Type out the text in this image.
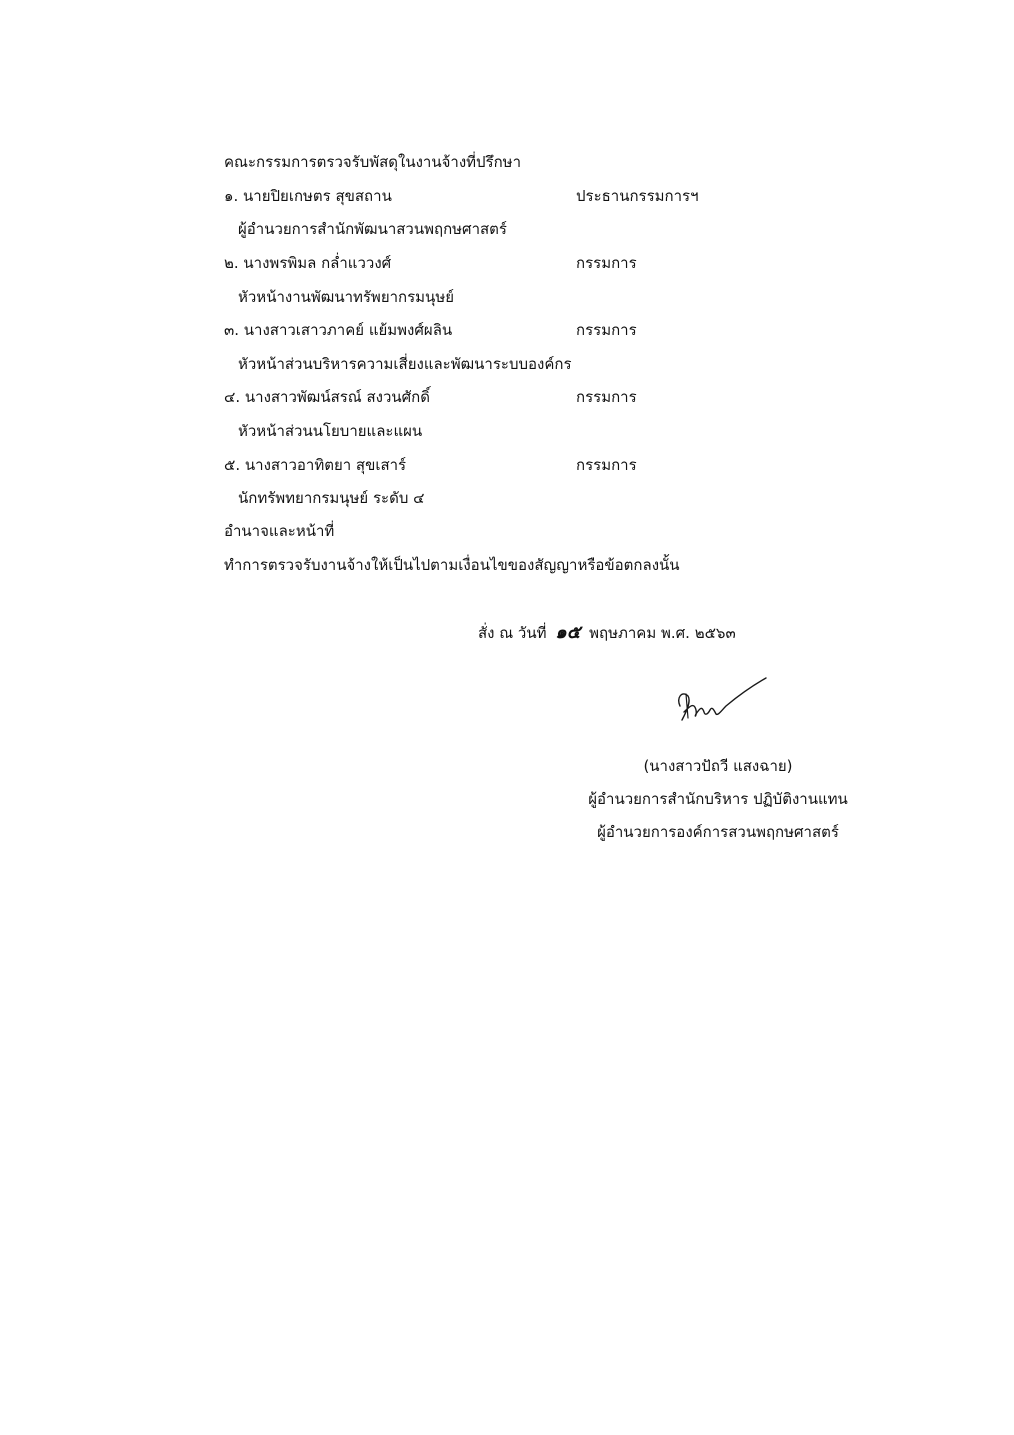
คณะกรรมการตรวจรับพัสดุในงานจ้างที่ปรึกษา
๑. นายปิยเกษตร สุขสถาน	ประธานกรรมการฯ
ผู้อำนวยการสำนักพัฒนาสวนพฤกษศาสตร์
๒. นางพรพิมล กล่ำแววงศ์	กรรมการ
หัวหน้างานพัฒนาทรัพยากรมนุษย์
๓. นางสาวเสาวภาคย์ แย้มพงศ์ผลิน	กรรมการ
หัวหน้าส่วนบริหารความเสี่ยงและพัฒนาระบบองค์กร
๔. นางสาวพัฒน์สรณ์ สงวนศักดิ์	กรรมการ
หัวหน้าส่วนนโยบายและแผน
๕. นางสาวอาทิตยา สุขเสาร์	กรรมการ
นักทรัพทยากรมนุษย์ ระดับ ๔
อำนาจและหน้าที่
ทำการตรวจรับงานจ้างให้เป็นไปตามเงื่อนไขของสัญญาหรือข้อตกลงนั้น
สั่ง ณ วันที่ ๑๕ พฤษภาคม พ.ศ. ๒๕๖๓
(นางสาวปัถวี แสงฉาย)
ผู้อำนวยการสำนักบริหาร ปฏิบัติงานแทน
ผู้อำนวยการองค์การสวนพฤกษศาสตร์
